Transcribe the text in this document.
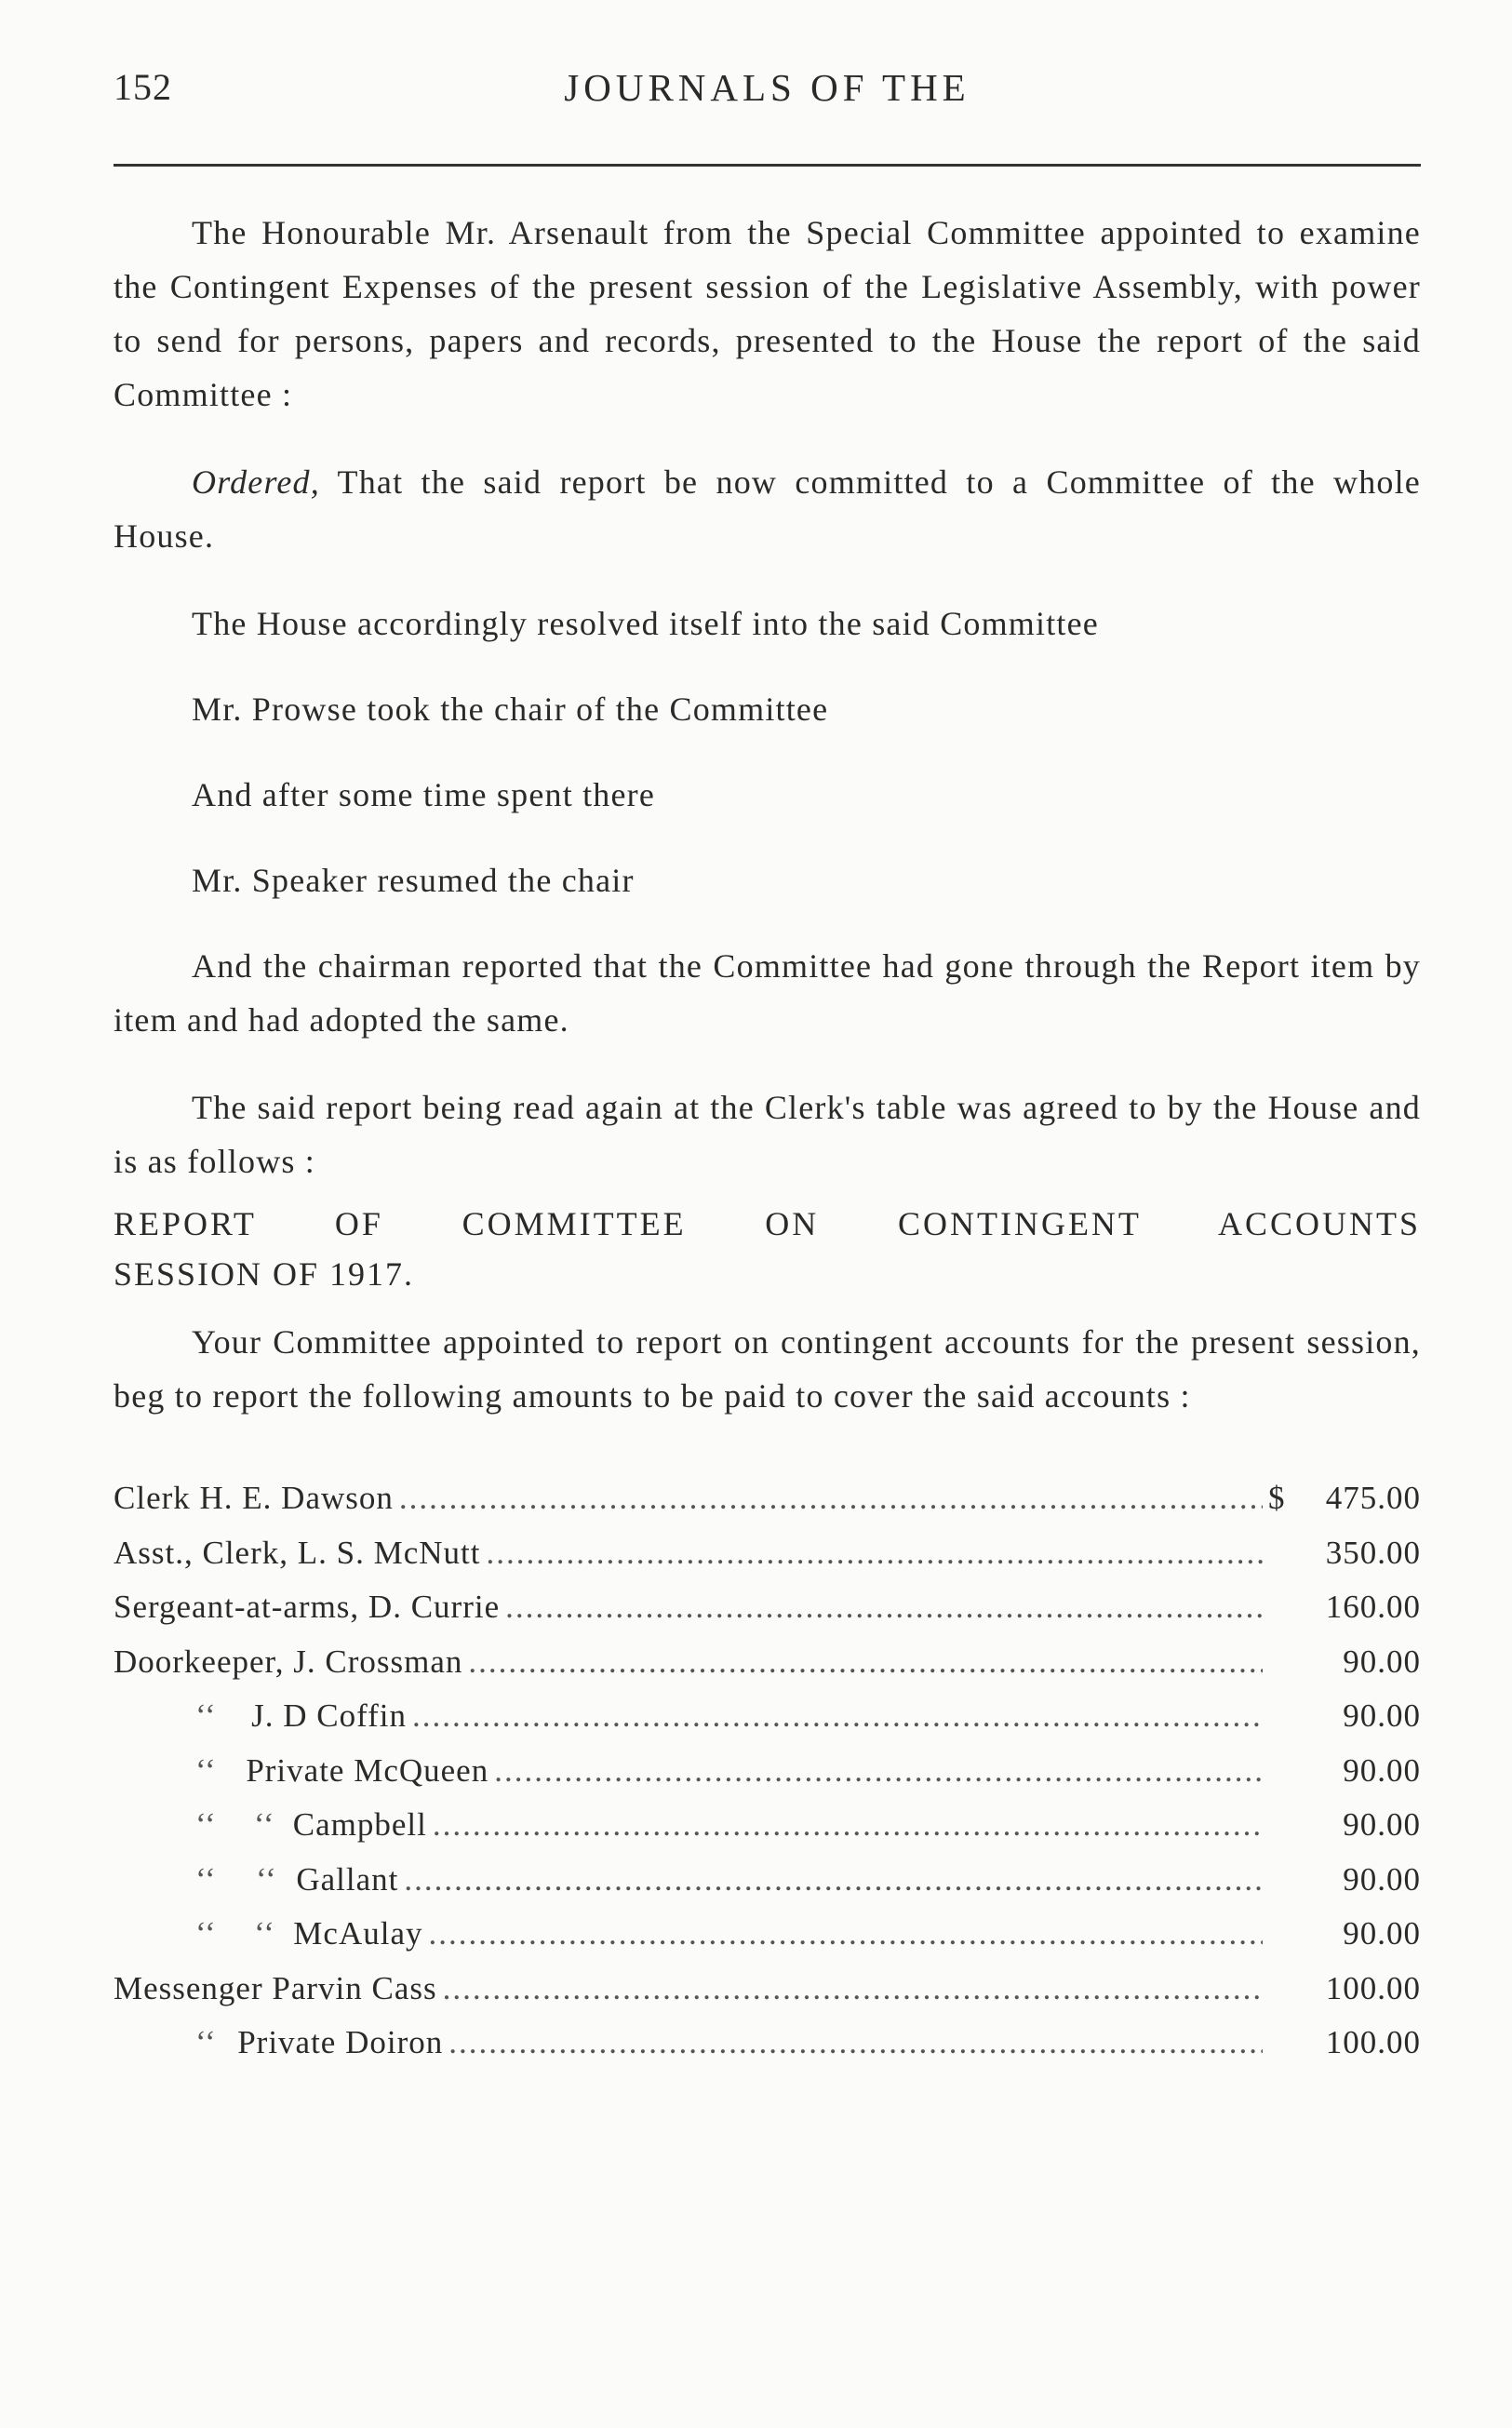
152	JOURNALS OF THE

The Honourable Mr. Arsenault from the Special Committee appointed to examine the Contingent Expenses of the present session of the Legislative Assembly, with power to send for persons, papers and records, presented to the House the report of the said Committee :

Ordered, That the said report be now committed to a Committee of the whole House.

The House accordingly resolved itself into the said Committee

Mr. Prowse took the chair of the Committee

And after some time spent there

Mr. Speaker resumed the chair

And the chairman reported that the Committee had gone through the Report item by item and had adopted the same.

The said report being read again at the Clerk's table was agreed to by the House and is as follows :

REPORT OF COMMITTEE ON CONTINGENT ACCOUNTS

SESSION OF 1917.

Your Committee appointed to report on contingent accounts for the present session, beg to report the following amounts to be paid to cover the said accounts :

Clerk H. E. Dawson .....	$	475.00
Asst., Clerk, L. S. McNutt .....	350.00
Sergeant-at-arms, D. Currie .....	160.00
Doorkeeper, J. Crossman .....	90.00
‘‘	J. D Coffin .....	90.00
‘‘ Private McQueen .....	90.00
‘‘	‘‘ Campbell .....	90.00
‘‘	‘‘ Gallant .....	90.00
‘‘	‘‘ McAulay .....	90.00
Messenger Parvin Cass .....	100.00
‘‘ Private Doiron .....	100.00
